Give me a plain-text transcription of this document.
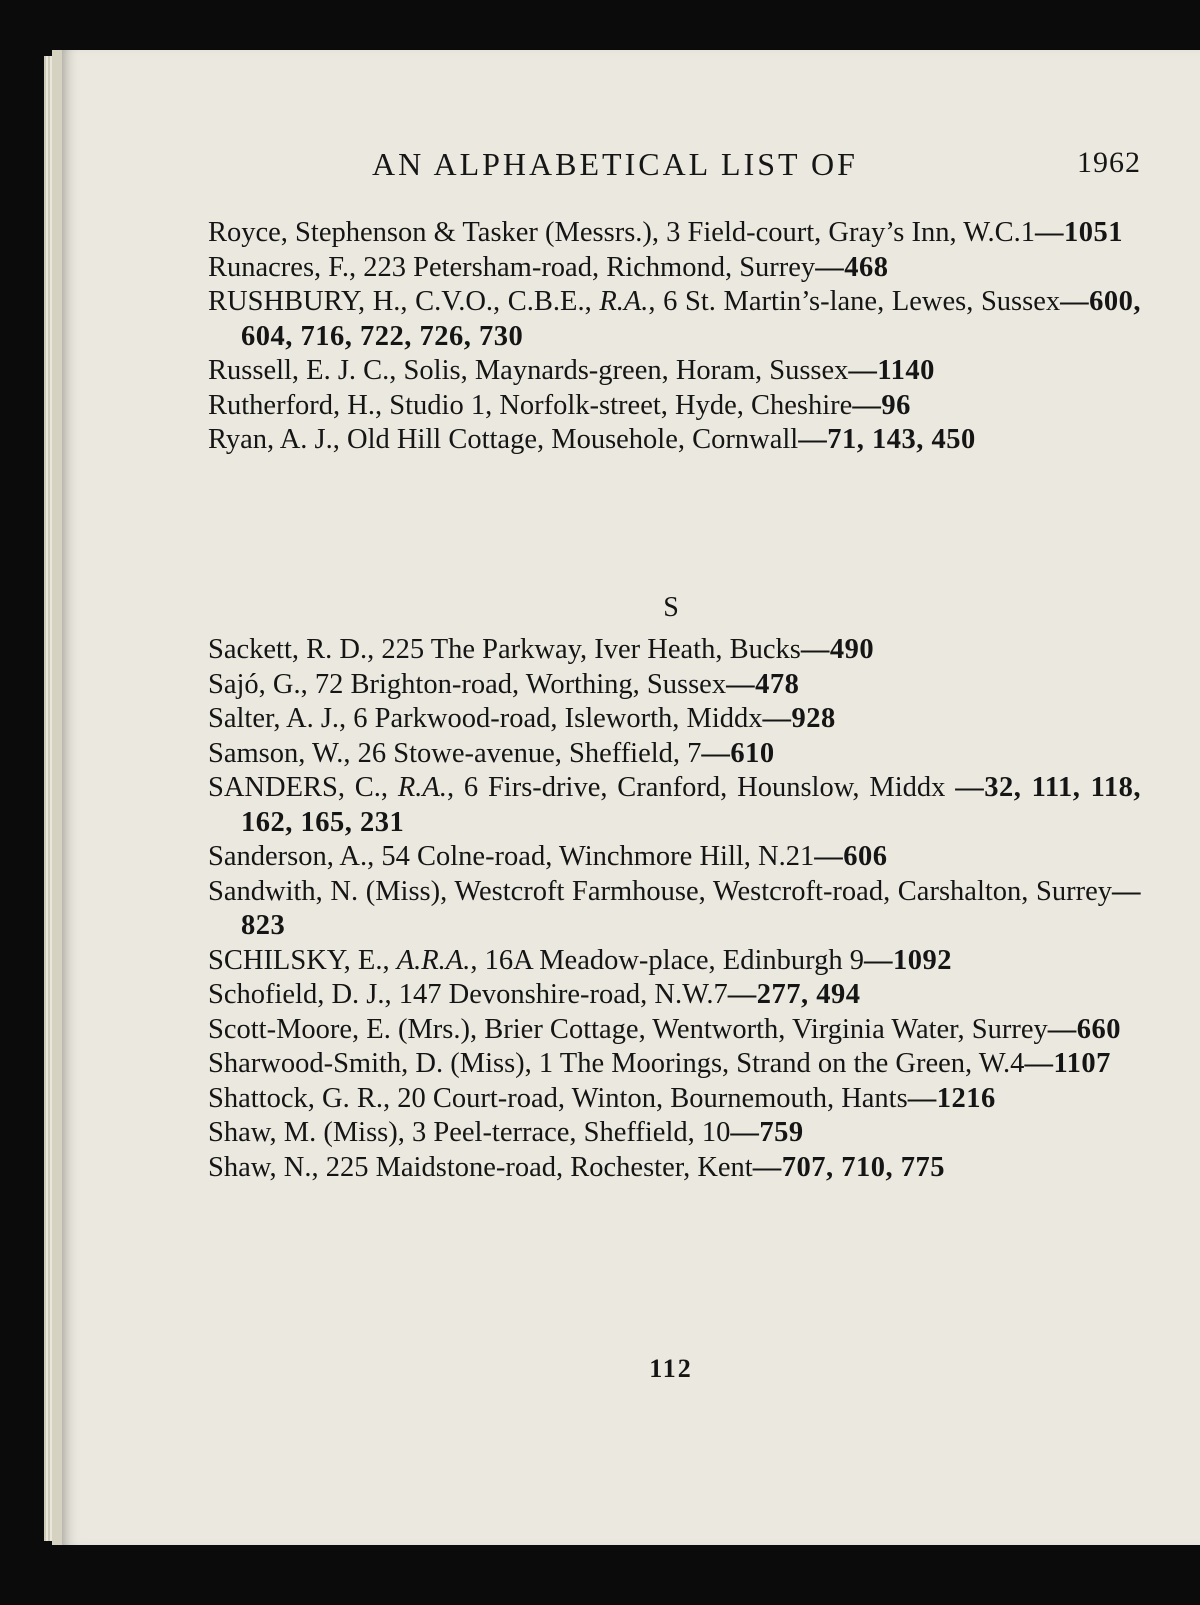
AN ALPHABETICAL LIST OF	1962

Royce, Stephenson & Tasker (Messrs.), 3 Field-court, Gray’s Inn, W.C.1—1051

Runacres, F., 223 Petersham-road, Richmond, Surrey—468

RUSHBURY, H., C.V.O., C.B.E., R.A., 6 St. Martin’s-lane, Lewes, Sussex—600, 604, 716, 722, 726, 730

Russell, E. J. C., Solis, Maynards-green, Horam, Sussex—1140

Rutherford, H., Studio 1, Norfolk-street, Hyde, Cheshire—96

Ryan, A. J., Old Hill Cottage, Mousehole, Cornwall—71, 143, 450

S

Sackett, R. D., 225 The Parkway, Iver Heath, Bucks—490

Sajó, G., 72 Brighton-road, Worthing, Sussex—478

Salter, A. J., 6 Parkwood-road, Isleworth, Middx—928

Samson, W., 26 Stowe-avenue, Sheffield, 7—610

SANDERS, C., R.A., 6 Firs-drive, Cranford, Hounslow, Middx —32, 111, 118, 162, 165, 231

Sanderson, A., 54 Colne-road, Winchmore Hill, N.21—606

Sandwith, N. (Miss), Westcroft Farmhouse, Westcroft-road, Carshalton, Surrey—823

SCHILSKY, E., A.R.A., 16A Meadow-place, Edinburgh 9—1092

Schofield, D. J., 147 Devonshire-road, N.W.7—277, 494

Scott-Moore, E. (Mrs.), Brier Cottage, Wentworth, Virginia Water, Surrey—660

Sharwood-Smith, D. (Miss), 1 The Moorings, Strand on the Green, W.4—1107

Shattock, G. R., 20 Court-road, Winton, Bournemouth, Hants—1216

Shaw, M. (Miss), 3 Peel-terrace, Sheffield, 10—759

Shaw, N., 225 Maidstone-road, Rochester, Kent—707, 710, 775

112
